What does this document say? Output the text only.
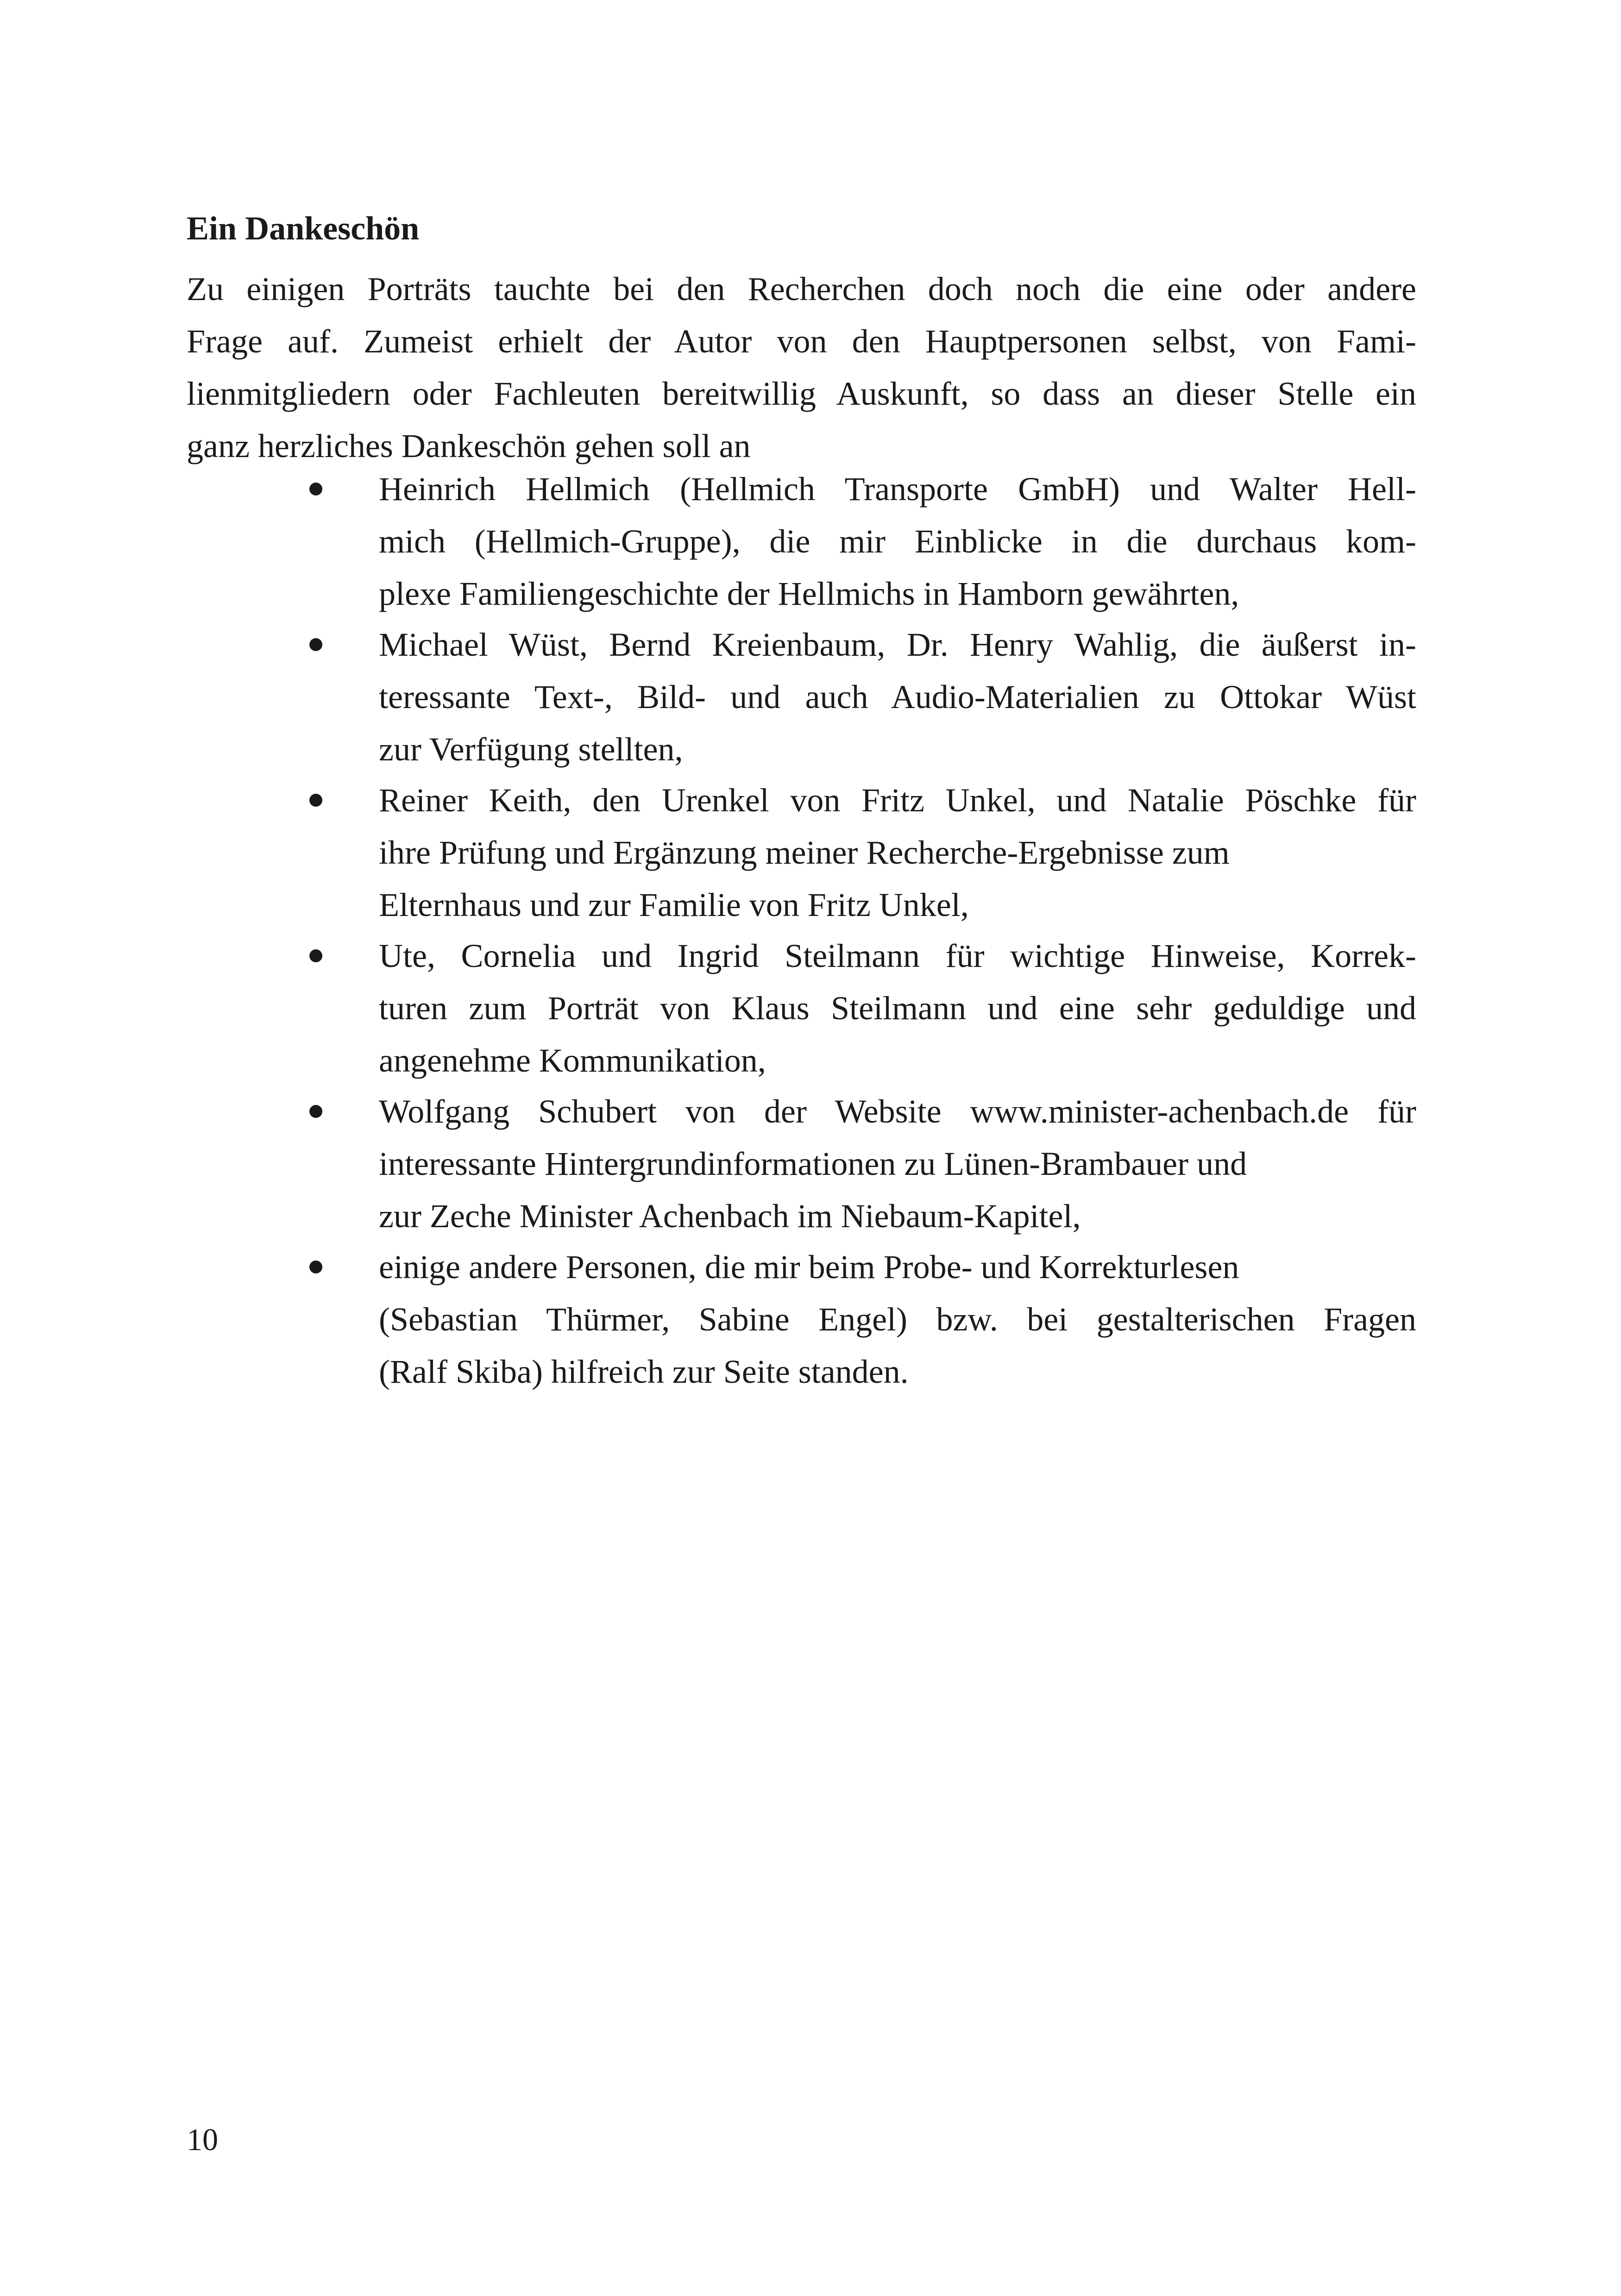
Ein Dankeschön

Zu einigen Porträts tauchte bei den Recherchen doch noch die eine oder andere
Frage auf. Zumeist erhielt der Autor von den Hauptpersonen selbst, von Fami-
lienmitgliedern oder Fachleuten bereitwillig Auskunft, so dass an dieser Stelle ein
ganz herzliches Dankeschön gehen soll an

Heinrich Hellmich (Hellmich Transporte GmbH) und Walter Hell-
mich (Hellmich-Gruppe), die mir Einblicke in die durchaus kom-
plexe Familiengeschichte der Hellmichs in Hamborn gewährten,
Michael Wüst, Bernd Kreienbaum, Dr. Henry Wahlig, die äußerst in-
teressante Text-, Bild- und auch Audio-Materialien zu Ottokar Wüst
zur Verfügung stellten,
Reiner Keith, den Urenkel von Fritz Unkel, und Natalie Pöschke für
ihre Prüfung und Ergänzung meiner Recherche-Ergebnisse zum
Elternhaus und zur Familie von Fritz Unkel,
Ute, Cornelia und Ingrid Steilmann für wichtige Hinweise, Korrek-
turen zum Porträt von Klaus Steilmann und eine sehr geduldige und
angenehme Kommunikation,
Wolfgang Schubert von der Website www.minister-achenbach.de für
interessante Hintergrundinformationen zu Lünen-Brambauer und
zur Zeche Minister Achenbach im Niebaum-Kapitel,
einige andere Personen, die mir beim Probe- und Korrekturlesen
(Sebastian Thürmer, Sabine Engel) bzw. bei gestalterischen Fragen
(Ralf Skiba) hilfreich zur Seite standen.

10
